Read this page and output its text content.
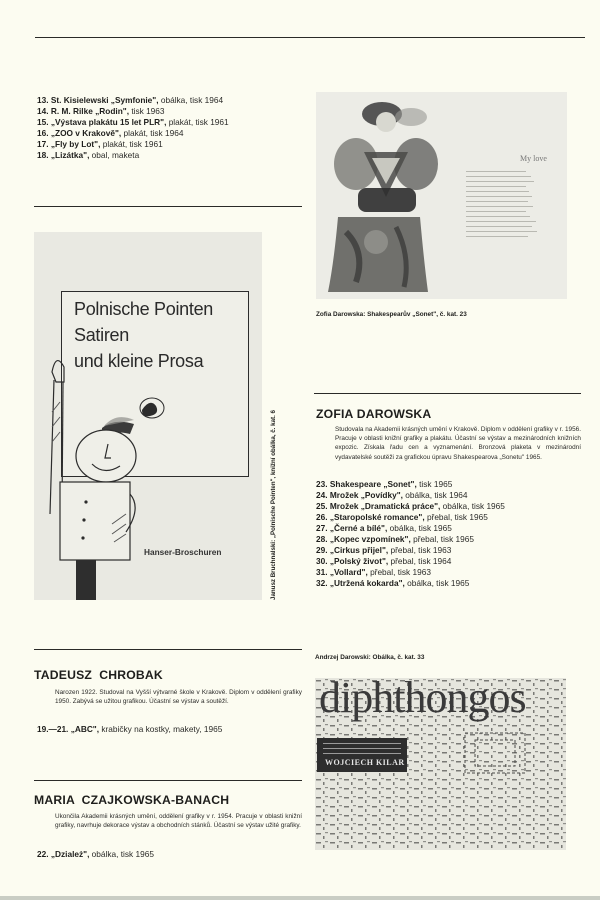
13. St. Kisielewski „Symfonie", obálka, tisk 1964
14. R. M. Rilke „Rodin", tisk 1963
15. „Výstava plakátu 15 let PLR", plakát, tisk 1961
16. „ZOO v Krakově", plakát, tisk 1964
17. „Fly by Lot", plakát, tisk 1961
18. „Lizátka", obal, maketa	My love
Zofia Darowska: Shakespearův „Sonet", č. kat. 23
Polnische Pointen
Satiren
und kleine Prosa
Hanser-Broschuren	Janusz Bruchnalski: „Polnische Pointen", knižní obálka, č. kat. 6	ZOFIA DAROWSKA
Studovala na Akademii krásných umění v Krakově. Diplom v oddělení grafiky v r. 1956. Pracuje v oblasti knižní grafiky a plakátu. Účastní se výstav a mezinárodních knižních expozic. Získala řadu cen a vyznamenání. Bronzová plaketa v mezinárodní vydavatelské soutěži za grafickou úpravu Shakespearova „Sonetu" 1965.
23. Shakespeare „Sonet", tisk 1965
24. Mrožek „Povídky", obálka, tisk 1964
25. Mrožek „Dramatická práce", obálka, tisk 1965
26. „Staropolské romance", přebal, tisk 1965
27. „Černé a bílé", obálka, tisk 1965
28. „Kopec vzpomínek", přebal, tisk 1965
29. „Cirkus přijel", přebal, tisk 1963
30. „Polský život", přebal, tisk 1964
31. „Vollard", přebal, tisk 1963
32. „Utržená kokarda", obálka, tisk 1965
TADEUSZ  CHROBAK
Narozen 1922. Studoval na Vyšší výtvarné škole v Krakově. Diplom v oddělení grafiky 1950. Zabývá se užitou grafikou. Účastní se výstav a soutěží.
19.—21. „ABC", krabičky na kostky, makety, 1965
MARIA  CZAJKOWSKA-BANACH
Ukončila Akademii krásných umění, oddělení grafiky v r. 1954. Pracuje v oblasti knižní grafiky, navrhuje dekorace výstav a obchodních stánků. Účastní se výstav užité grafiky.
22. „Dziależ", obálka, tisk 1965
Andrzej Darowski: Obálka, č. kat. 33
diphthongos
WOJCIECH KILAR
